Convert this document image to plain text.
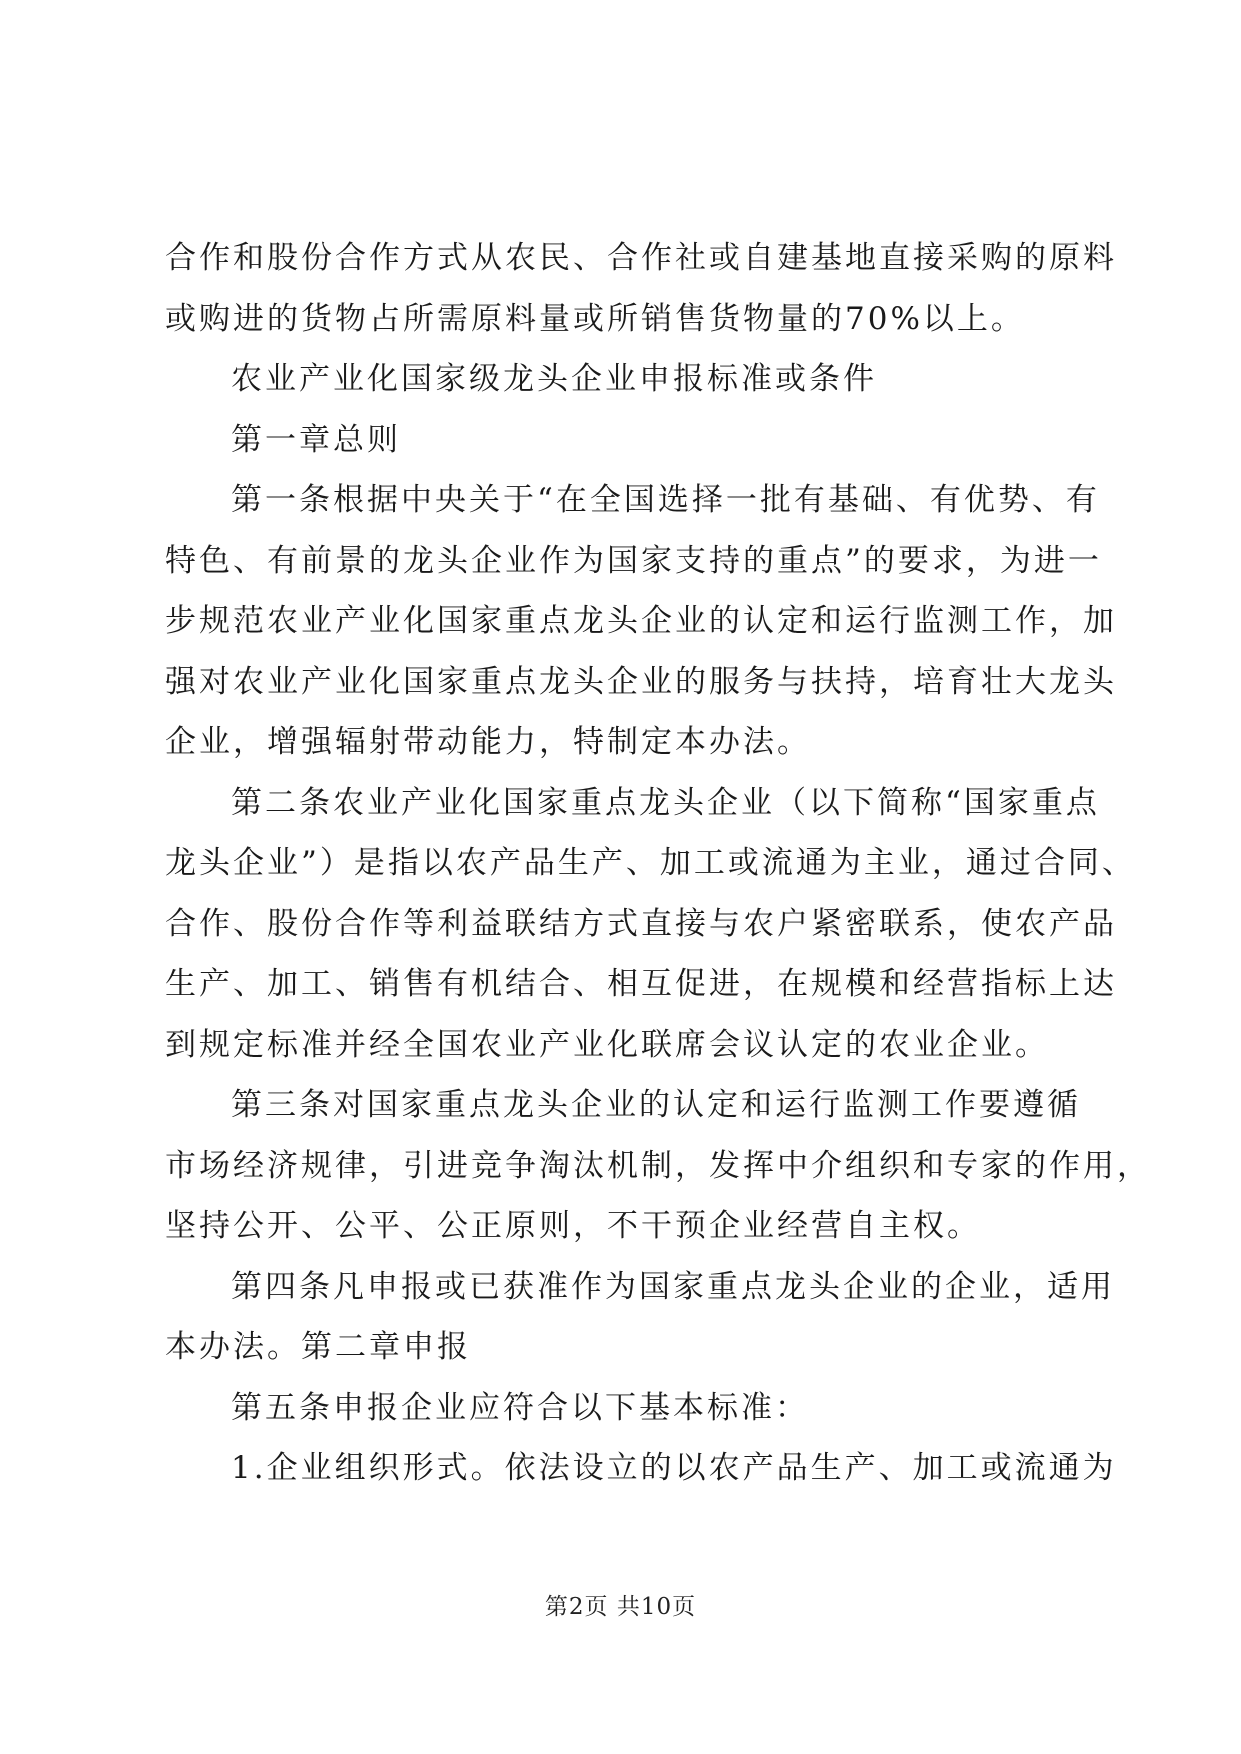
合作和股份合作方式从农民、合作社或自建基地直接采购的原料
或购进的货物占所需原料量或所销售货物量的70%以上。
农业产业化国家级龙头企业申报标准或条件
第一章总则
第一条根据中央关于“在全国选择一批有基础、有优势、有
特色、有前景的龙头企业作为国家支持的重点”的要求，为进一
步规范农业产业化国家重点龙头企业的认定和运行监测工作，加
强对农业产业化国家重点龙头企业的服务与扶持，培育壮大龙头
企业，增强辐射带动能力，特制定本办法。
第二条农业产业化国家重点龙头企业（以下简称“国家重点
龙头企业”）是指以农产品生产、加工或流通为主业，通过合同、
合作、股份合作等利益联结方式直接与农户紧密联系，使农产品
生产、加工、销售有机结合、相互促进，在规模和经营指标上达
到规定标准并经全国农业产业化联席会议认定的农业企业。
第三条对国家重点龙头企业的认定和运行监测工作要遵循
市场经济规律，引进竞争淘汰机制，发挥中介组织和专家的作用，
坚持公开、公平、公正原则，不干预企业经营自主权。
第四条凡申报或已获准作为国家重点龙头企业的企业，适用
本办法。第二章申报
第五条申报企业应符合以下基本标准：
1.企业组织形式。依法设立的以农产品生产、加工或流通为
第2页 共10页
